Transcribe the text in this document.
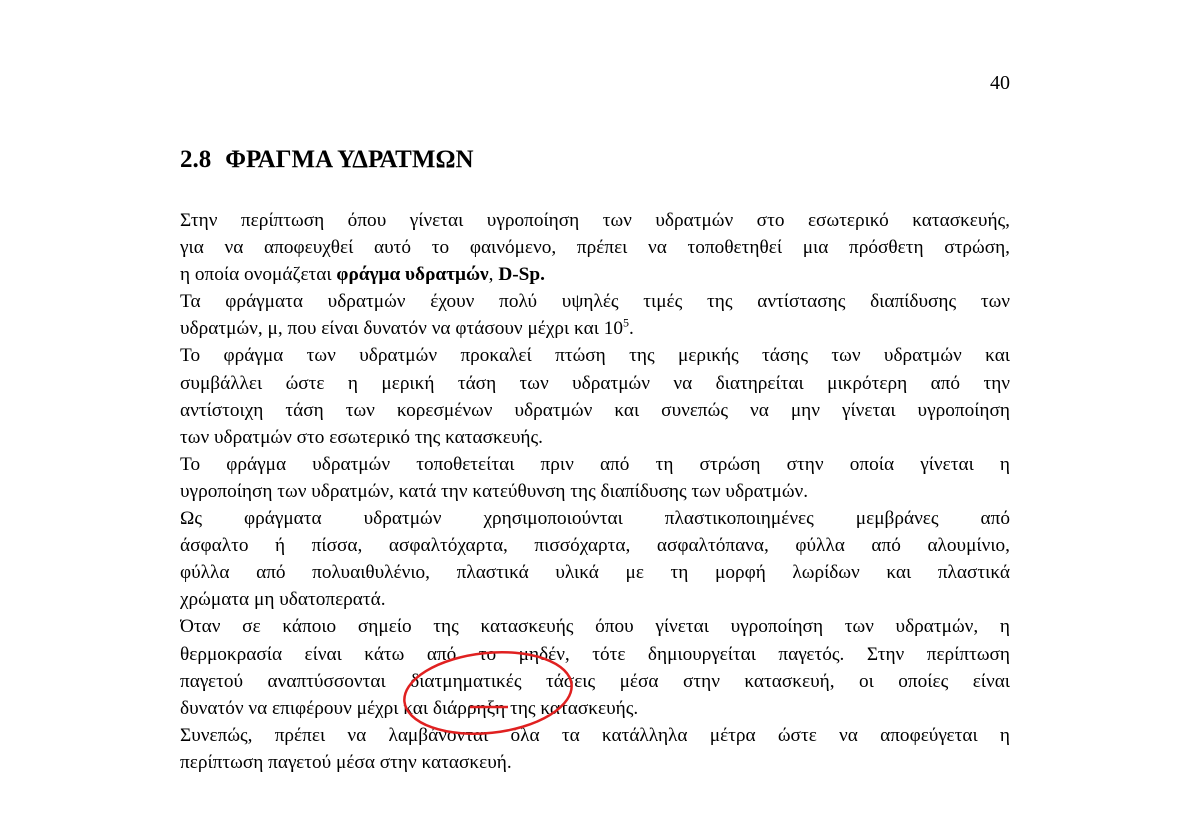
40
2.8 ΦΡΑΓΜΑ ΥΔΡΑΤΜΩΝ
Στην περίπτωση όπου γίνεται υγροποίηση των υδρατμών στο εσωτερικό κατασκευής,
για να αποφευχθεί αυτό το φαινόμενο, πρέπει να τοποθετηθεί μια πρόσθετη στρώση,
η οποία ονομάζεται φράγμα υδρατμών, D-Sp.
Τα φράγματα υδρατμών έχουν πολύ υψηλές τιμές της αντίστασης διαπίδυσης των
υδρατμών, μ, που είναι δυνατόν να φτάσουν μέχρι και $10^5$.
Το φράγμα των υδρατμών προκαλεί πτώση της μερικής τάσης των υδρατμών και
συμβάλλει ώστε η μερική τάση των υδρατμών να διατηρείται μικρότερη από την
αντίστοιχη τάση των κορεσμένων υδρατμών και συνεπώς να μην γίνεται υγροποίηση
των υδρατμών στο εσωτερικό της κατασκευής.
Το φράγμα υδρατμών τοποθετείται πριν από τη στρώση στην οποία γίνεται η
υγροποίηση των υδρατμών, κατά την κατεύθυνση της διαπίδυσης των υδρατμών.
Ως φράγματα υδρατμών χρησιμοποιούνται πλαστικοποιημένες μεμβράνες από
άσφαλτο ή πίσσα, ασφαλτόχαρτα, πισσόχαρτα, ασφαλτόπανα, φύλλα από αλουμίνιο,
φύλλα από πολυαιθυλένιο, πλαστικά υλικά με τη μορφή λωρίδων και πλαστικά
χρώματα μη υδατοπερατά.
Όταν σε κάποιο σημείο της κατασκευής όπου γίνεται υγροποίηση των υδρατμών, η
θερμοκρασία είναι κάτω από το μηδέν, τότε δημιουργείται παγετός. Στην περίπτωση
παγετού αναπτύσσονται διατμηματικές τάσεις μέσα στην κατασκευή, οι οποίες είναι
δυνατόν να επιφέρουν μέχρι και διάρρηξη της κατασκευής.
Συνεπώς, πρέπει να λαμβάνονται όλα τα κατάλληλα μέτρα ώστε να αποφεύγεται η
περίπτωση παγετού μέσα στην κατασκευή.
